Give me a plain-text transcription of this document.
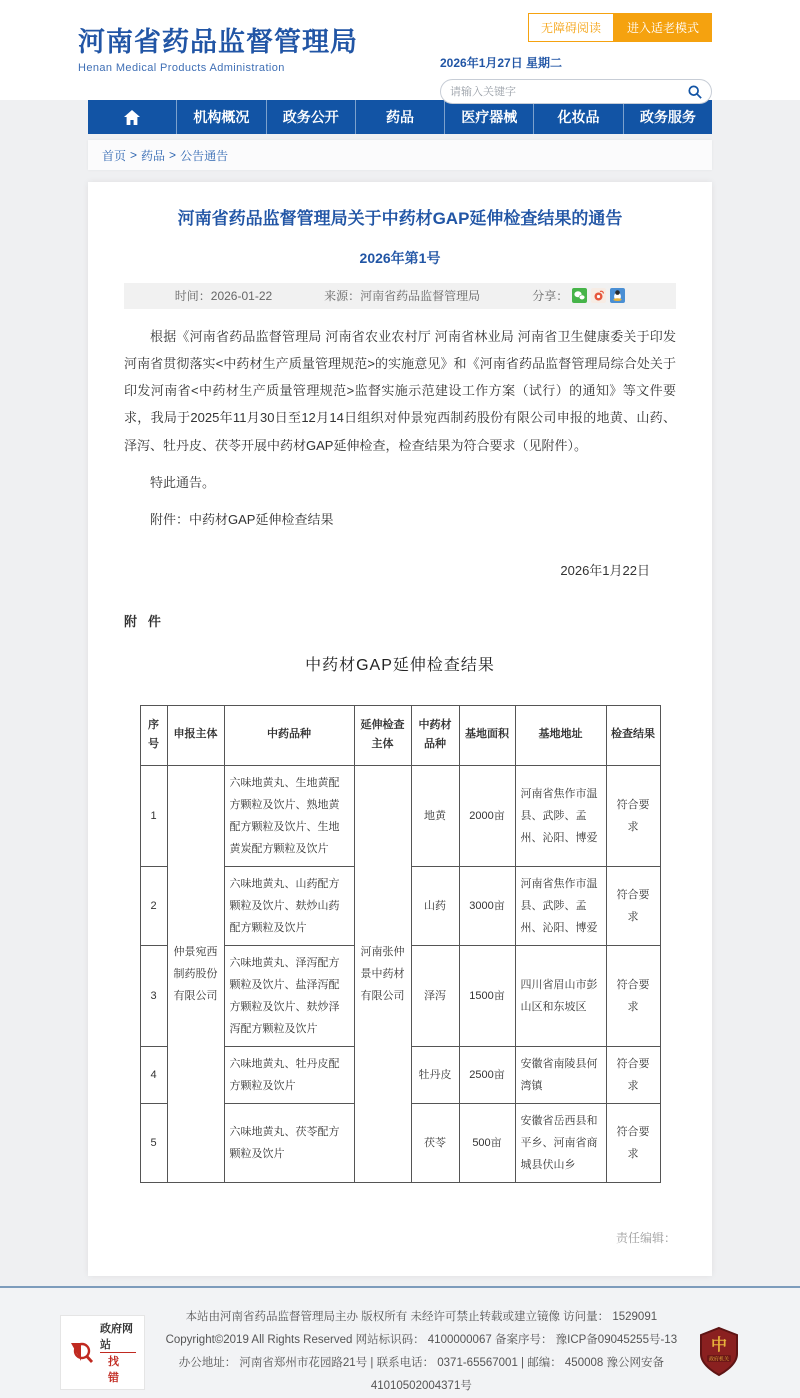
河南省药品监督管理局
Henan Medical Products Administration
无障碍阅读	进入适老模式
2026年1月27日 星期二
请输入关键字
机构概况	政务公开	药品	医疗器械	化妆品	政务服务
首页 > 药品 > 公告通告
河南省药品监督管理局关于中药材GAP延伸检查结果的通告
2026年第1号
时间：2026-01-22	来源：河南省药品监督管理局	分享：

根据《河南省药品监督管理局 河南省农业农村厅 河南省林业局 河南省卫生健康委关于印发河南省贯彻落实<中药材生产质量管理规范>的实施意见》和《河南省药品监督管理局综合处关于印发河南省<中药材生产质量管理规范>监督实施示范建设工作方案（试行）的通知》等文件要求，我局于2025年11月30日至12月14日组织对仲景宛西制药股份有限公司申报的地黄、山药、泽泻、牡丹皮、茯苓开展中药材GAP延伸检查，检查结果为符合要求（见附件）。

特此通告。

附件：中药材GAP延伸检查结果

2026年1月22日
附   件
中药材GAP延伸检查结果
序号	申报主体	中药品种	延伸检查主体	中药材品种	基地面积	基地地址	检查结果
1	仲景宛西制药股份有限公司	六味地黄丸、生地黄配方颗粒及饮片、熟地黄配方颗粒及饮片、生地黄炭配方颗粒及饮片	河南张仲景中药材有限公司	地黄	2000亩	河南省焦作市温县、武陟、孟州、沁阳、博爱	符合要求
2		六味地黄丸、山药配方颗粒及饮片、麸炒山药配方颗粒及饮片		山药	3000亩	河南省焦作市温县、武陟、孟州、沁阳、博爱	符合要求
3		六味地黄丸、泽泻配方颗粒及饮片、盐泽泻配方颗粒及饮片、麸炒泽泻配方颗粒及饮片		泽泻	1500亩	四川省眉山市彭山区和东坡区	符合要求
4		六味地黄丸、牡丹皮配方颗粒及饮片		牡丹皮	2500亩	安徽省南陵县何湾镇	符合要求
5		六味地黄丸、茯苓配方颗粒及饮片		茯苓	500亩	安徽省岳西县和平乡、河南省商城县伏山乡	符合要求
责任编辑：
政府网站
找错
本站由河南省药品监督管理局主办 版权所有 未经许可禁止转载或建立镜像 访问量： 1529091
Copyright©2019 All Rights Reserved 网站标识码： 4100000067 备案序号： 豫ICP备09045255号-13
办公地址： 河南省郑州市花园路21号 | 联系电话： 0371-65567001 | 邮编： 450008 豫公网安备41010502004371号
中
政府机关
